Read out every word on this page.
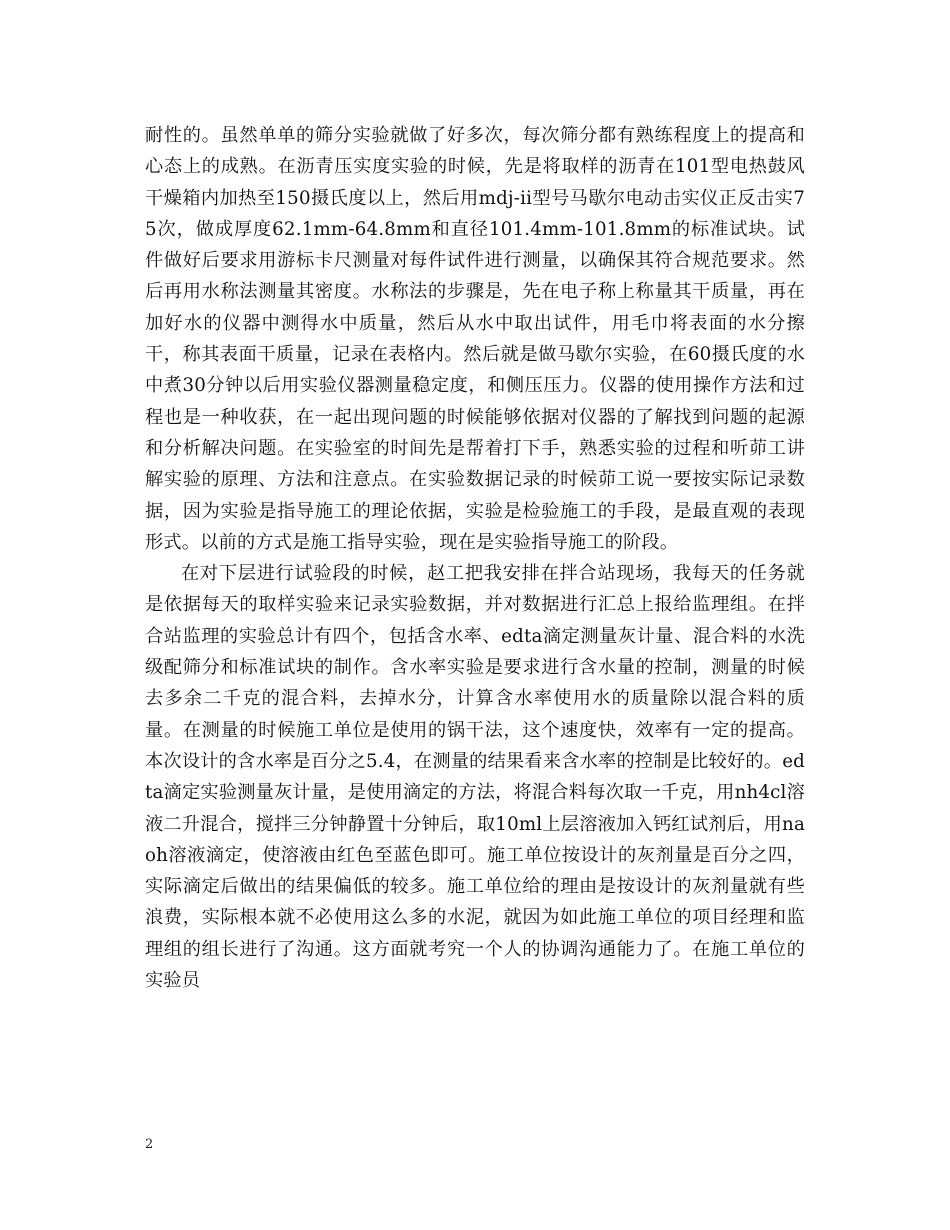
耐性的。虽然单单的筛分实验就做了好多次，每次筛分都有熟练程度上的提高和心态上的成熟。在沥青压实度实验的时候，先是将取样的沥青在101型电热鼓风干燥箱内加热至150摄氏度以上，然后用mdj-ii型号马歇尔电动击实仪正反击实75次，做成厚度62.1mm-64.8mm和直径101.4mm-101.8mm的标准试块。试件做好后要求用游标卡尺测量对每件试件进行测量，以确保其符合规范要求。然后再用水称法测量其密度。水称法的步骤是，先在电子称上称量其干质量，再在加好水的仪器中测得水中质量，然后从水中取出试件，用毛巾将表面的水分擦干，称其表面干质量，记录在表格内。然后就是做马歇尔实验，在60摄氏度的水中煮30分钟以后用实验仪器测量稳定度，和侧压压力。仪器的使用操作方法和过程也是一种收获，在一起出现问题的时候能够依据对仪器的了解找到问题的起源和分析解决问题。在实验室的时间先是帮着打下手，熟悉实验的过程和听茆工讲解实验的原理、方法和注意点。在实验数据记录的时候茆工说一要按实际记录数据，因为实验是指导施工的理论依据，实验是检验施工的手段，是最直观的表现形式。以前的方式是施工指导实验，现在是实验指导施工的阶段。

在对下层进行试验段的时候，赵工把我安排在拌合站现场，我每天的任务就是依据每天的取样实验来记录实验数据，并对数据进行汇总上报给监理组。在拌合站监理的实验总计有四个，包括含水率、edta滴定测量灰计量、混合料的水洗级配筛分和标准试块的制作。含水率实验是要求进行含水量的控制，测量的时候去多余二千克的混合料，去掉水分，计算含水率使用水的质量除以混合料的质量。在测量的时候施工单位是使用的锅干法，这个速度快，效率有一定的提高。本次设计的含水率是百分之5.4，在测量的结果看来含水率的控制是比较好的。edta滴定实验测量灰计量，是使用滴定的方法，将混合料每次取一千克，用nh4cl溶液二升混合，搅拌三分钟静置十分钟后，取10ml上层溶液加入钙红试剂后，用naoh溶液滴定，使溶液由红色至蓝色即可。施工单位按设计的灰剂量是百分之四，实际滴定后做出的结果偏低的较多。施工单位给的理由是按设计的灰剂量就有些浪费，实际根本就不必使用这么多的水泥，就因为如此施工单位的项目经理和监理组的组长进行了沟通。这方面就考究一个人的协调沟通能力了。在施工单位的实验员

2
